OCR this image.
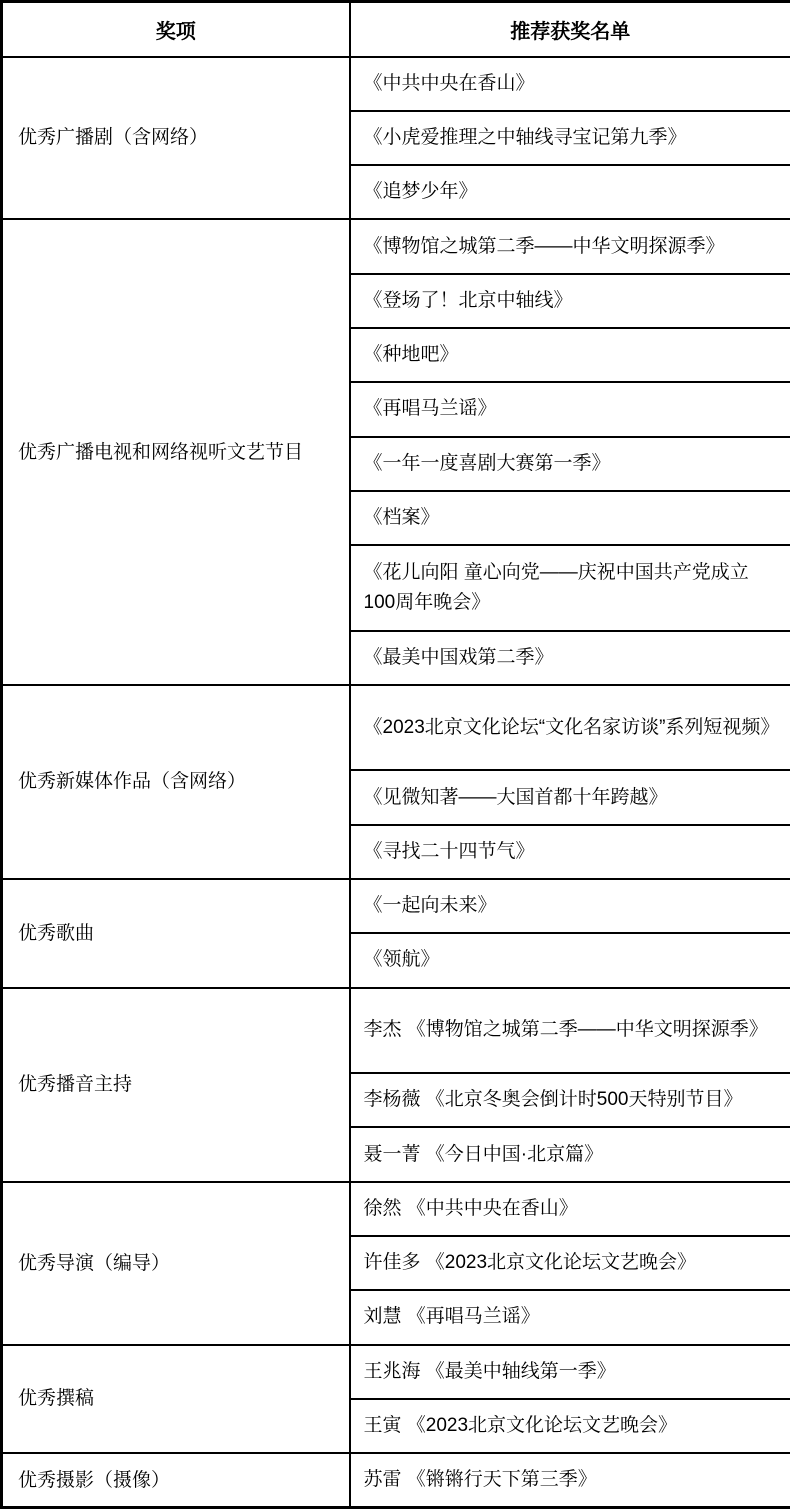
奖项	推荐获奖名单
优秀广播剧（含网络）	《中共中央在香山》
	《小虎爱推理之中轴线寻宝记第九季》
	《追梦少年》
优秀广播电视和网络视听文艺节目	《博物馆之城第二季——中华文明探源季》
	《登场了！北京中轴线》
	《种地吧》
	《再唱马兰谣》
	《一年一度喜剧大赛第一季》
	《档案》
	《花儿向阳 童心向党——庆祝中国共产党成立100周年晚会》
	《最美中国戏第二季》
优秀新媒体作品（含网络）	《2023北京文化论坛“文化名家访谈”系列短视频》
	《见微知著——大国首都十年跨越》
	《寻找二十四节气》
优秀歌曲	《一起向未来》
	《领航》
优秀播音主持	李杰 《博物馆之城第二季——中华文明探源季》
	李杨薇 《北京冬奥会倒计时500天特别节目》
	聂一菁 《今日中国·北京篇》
优秀导演（编导）	徐然 《中共中央在香山》
	许佳多 《2023北京文化论坛文艺晚会》
	刘慧 《再唱马兰谣》
优秀撰稿	王兆海 《最美中轴线第一季》
	王寅 《2023北京文化论坛文艺晚会》
优秀摄影（摄像）	苏雷 《锵锵行天下第三季》
